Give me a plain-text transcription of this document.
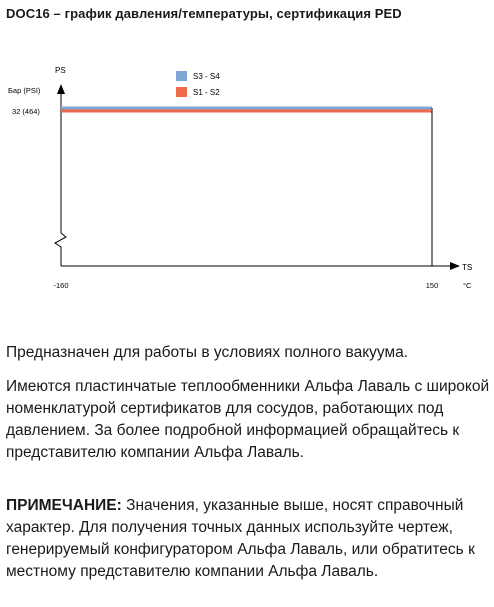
DOC16 – график давления/температуры, сертификация PED
PS
Бар (PSI)
TS
°C
32 (464)
-160	150
S3 - S4
S1 - S2
Предназначен для работы в условиях полного вакуума.
Имеются пластинчатые теплообменники Альфа Лаваль с широкой номенклатурой сертификатов для сосудов, работающих под давлением. За более подробной информацией обращайтесь к представителю компании Альфа Лаваль.
ПРИМЕЧАНИЕ: Значения, указанные выше, носят справочный характер. Для получения точных данных используйте чертеж, генерируемый конфигуратором Альфа Лаваль, или обратитесь к местному представителю компании Альфа Лаваль.
